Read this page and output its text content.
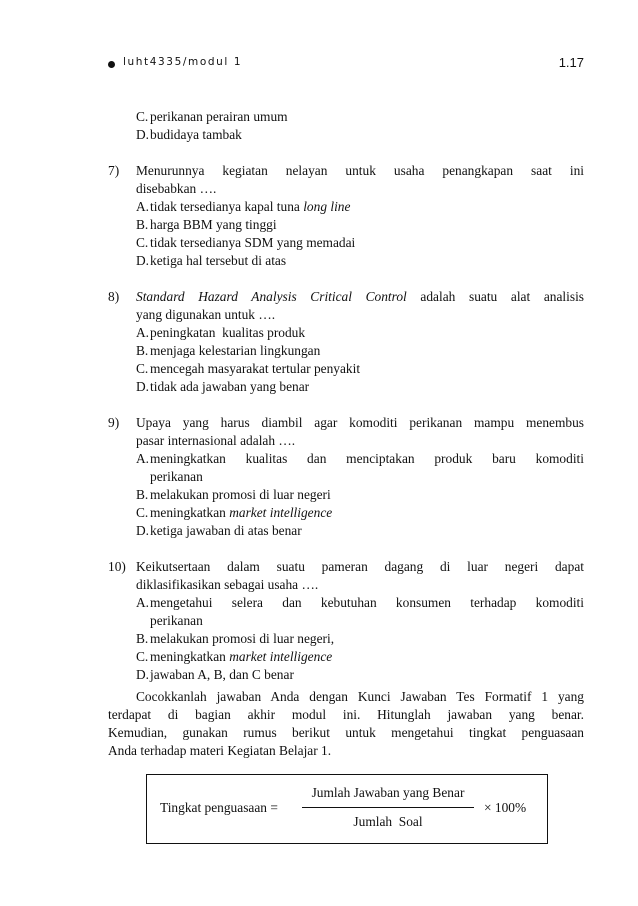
luht4335/modul 1	1.17
C. perikanan perairan umum
D. budidaya tambak
7) Menurunnya kegiatan nelayan untuk usaha penangkapan saat ini
disebabkan ….
A. tidak tersedianya kapal tuna long line
B. harga BBM yang tinggi
C. tidak tersedianya SDM yang memadai
D. ketiga hal tersebut di atas
8) Standard Hazard Analysis Critical Control adalah suatu alat analisis
yang digunakan untuk ….
A. peningkatan  kualitas produk
B. menjaga kelestarian lingkungan
C. mencegah masyarakat tertular penyakit
D. tidak ada jawaban yang benar
9) Upaya yang harus diambil agar komoditi perikanan mampu menembus
pasar internasional adalah ….
A. meningkatkan kualitas dan menciptakan produk baru komoditi
perikanan
B. melakukan promosi di luar negeri
C. meningkatkan market intelligence
D. ketiga jawaban di atas benar
10) Keikutsertaan dalam suatu pameran dagang di luar negeri dapat
diklasifikasikan sebagai usaha ….
A. mengetahui selera dan kebutuhan konsumen terhadap komoditi
perikanan
B. melakukan promosi di luar negeri,
C. meningkatkan market intelligence
D. jawaban A, B, dan C benar
Cocokkanlah jawaban Anda dengan Kunci Jawaban Tes Formatif 1 yang
terdapat di bagian akhir modul ini. Hitunglah jawaban yang benar.
Kemudian, gunakan rumus berikut untuk mengetahui tingkat penguasaan
Anda terhadap materi Kegiatan Belajar 1.
Tingkat penguasaan =
Jumlah Jawaban yang Benar
Jumlah  Soal
× 100%
